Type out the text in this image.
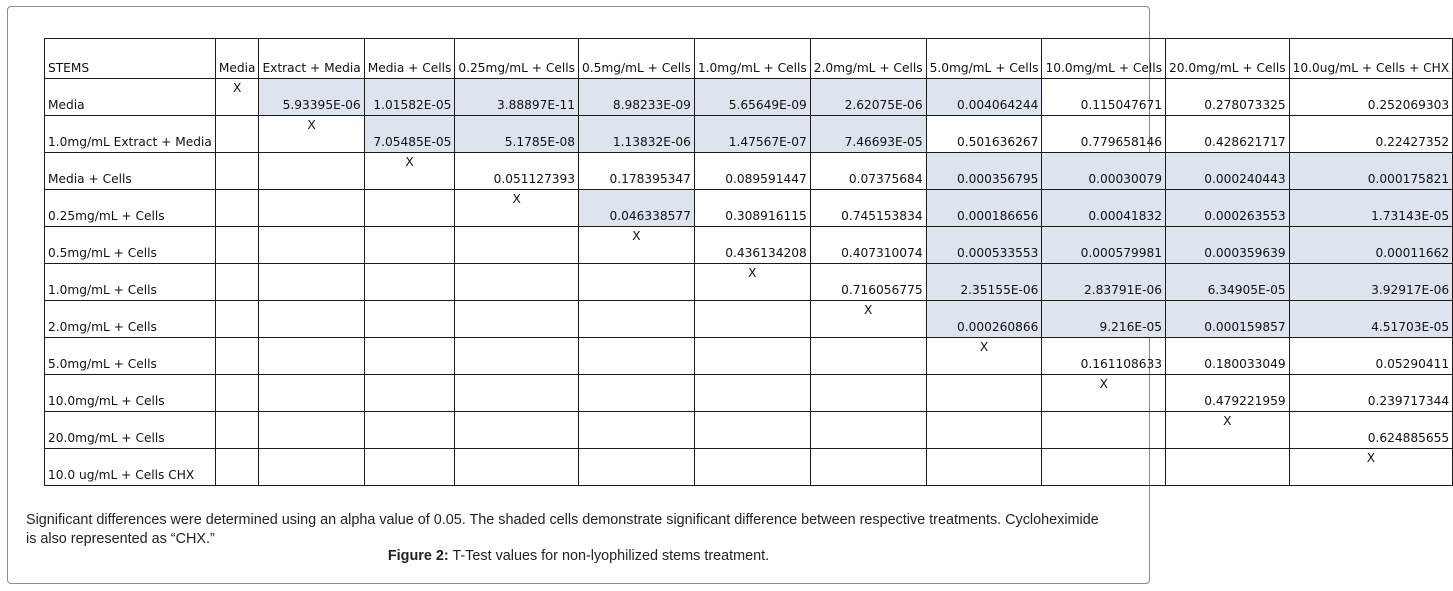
STEMS	Media	Extract + Media	Media + Cells	0.25mg/mL + Cells	0.5mg/mL + Cells	1.0mg/mL + Cells	2.0mg/mL + Cells	5.0mg/mL + Cells	10.0mg/mL + Cells	20.0mg/mL + Cells	10.0ug/mL + Cells + CHX
Media	X	5.93395E-06	1.01582E-05	3.88897E-11	8.98233E-09	5.65649E-09	2.62075E-06	0.004064244	0.115047671	0.278073325	0.252069303
1.0mg/mL Extract + Media		X	7.05485E-05	5.1785E-08	1.13832E-06	1.47567E-07	7.46693E-05	0.501636267	0.779658146	0.428621717	0.22427352
Media + Cells			X	0.051127393	0.178395347	0.089591447	0.07375684	0.000356795	0.00030079	0.000240443	0.000175821
0.25mg/mL + Cells				X	0.046338577	0.308916115	0.745153834	0.000186656	0.00041832	0.000263553	1.73143E-05
0.5mg/mL + Cells					X	0.436134208	0.407310074	0.000533553	0.000579981	0.000359639	0.00011662
1.0mg/mL + Cells						X	0.716056775	2.35155E-06	2.83791E-06	6.34905E-05	3.92917E-06
2.0mg/mL + Cells							X	0.000260866	9.216E-05	0.000159857	4.51703E-05
5.0mg/mL + Cells								X	0.161108633	0.180033049	0.05290411
10.0mg/mL + Cells									X	0.479221959	0.239717344
20.0mg/mL + Cells										X	0.624885655
10.0 ug/mL + Cells CHX											X
Significant differences were determined using an alpha value of 0.05. The shaded cells demonstrate significant difference between respective treatments. Cycloheximide is also represented as “CHX.”
Figure 2: T-Test values for non-lyophilized stems treatment.
